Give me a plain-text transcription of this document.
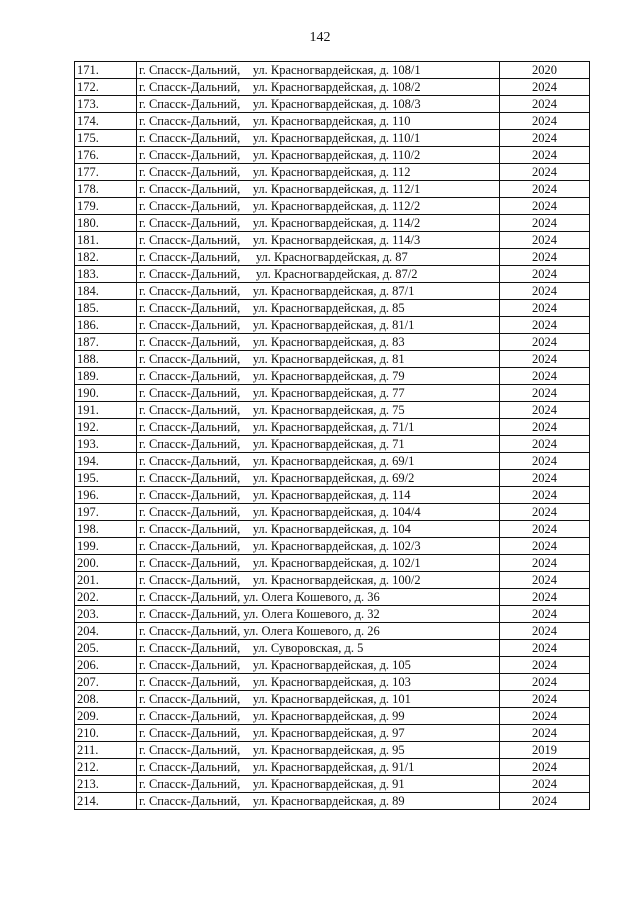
142
171.	г. Спасск-Дальний,    ул. Красногвардейская, д. 108/1	2020
172.	г. Спасск-Дальний,    ул. Красногвардейская, д. 108/2	2024
173.	г. Спасск-Дальний,    ул. Красногвардейская, д. 108/3	2024
174.	г. Спасск-Дальний,    ул. Красногвардейская, д. 110	2024
175.	г. Спасск-Дальний,    ул. Красногвардейская, д. 110/1	2024
176.	г. Спасск-Дальний,    ул. Красногвардейская, д. 110/2	2024
177.	г. Спасск-Дальний,    ул. Красногвардейская, д. 112	2024
178.	г. Спасск-Дальний,    ул. Красногвардейская, д. 112/1	2024
179.	г. Спасск-Дальний,    ул. Красногвардейская, д. 112/2	2024
180.	г. Спасск-Дальний,    ул. Красногвардейская, д. 114/2	2024
181.	г. Спасск-Дальний,    ул. Красногвардейская, д. 114/3	2024
182.	г. Спасск-Дальний,     ул. Красногвардейская, д. 87	2024
183.	г. Спасск-Дальний,     ул. Красногвардейская, д. 87/2	2024
184.	г. Спасск-Дальний,    ул. Красногвардейская, д. 87/1	2024
185.	г. Спасск-Дальний,    ул. Красногвардейская, д. 85	2024
186.	г. Спасск-Дальний,    ул. Красногвардейская, д. 81/1	2024
187.	г. Спасск-Дальний,    ул. Красногвардейская, д. 83	2024
188.	г. Спасск-Дальний,    ул. Красногвардейская, д. 81	2024
189.	г. Спасск-Дальний,    ул. Красногвардейская, д. 79	2024
190.	г. Спасск-Дальний,    ул. Красногвардейская, д. 77	2024
191.	г. Спасск-Дальний,    ул. Красногвардейская, д. 75	2024
192.	г. Спасск-Дальний,    ул. Красногвардейская, д. 71/1	2024
193.	г. Спасск-Дальний,    ул. Красногвардейская, д. 71	2024
194.	г. Спасск-Дальний,    ул. Красногвардейская, д. 69/1	2024
195.	г. Спасск-Дальний,    ул. Красногвардейская, д. 69/2	2024
196.	г. Спасск-Дальний,    ул. Красногвардейская, д. 114	2024
197.	г. Спасск-Дальний,    ул. Красногвардейская, д. 104/4	2024
198.	г. Спасск-Дальний,    ул. Красногвардейская, д. 104	2024
199.	г. Спасск-Дальний,    ул. Красногвардейская, д. 102/3	2024
200.	г. Спасск-Дальний,    ул. Красногвардейская, д. 102/1	2024
201.	г. Спасск-Дальний,    ул. Красногвардейская, д. 100/2	2024
202.	г. Спасск-Дальний, ул. Олега Кошевого, д. 36	2024
203.	г. Спасск-Дальний, ул. Олега Кошевого, д. 32	2024
204.	г. Спасск-Дальний, ул. Олега Кошевого, д. 26	2024
205.	г. Спасск-Дальний,    ул. Суворовская, д. 5	2024
206.	г. Спасск-Дальний,    ул. Красногвардейская, д. 105	2024
207.	г. Спасск-Дальний,    ул. Красногвардейская, д. 103	2024
208.	г. Спасск-Дальний,    ул. Красногвардейская, д. 101	2024
209.	г. Спасск-Дальний,    ул. Красногвардейская, д. 99	2024
210.	г. Спасск-Дальний,    ул. Красногвардейская, д. 97	2024
211.	г. Спасск-Дальний,    ул. Красногвардейская, д. 95	2019
212.	г. Спасск-Дальний,    ул. Красногвардейская, д. 91/1	2024
213.	г. Спасск-Дальний,    ул. Красногвардейская, д. 91	2024
214.	г. Спасск-Дальний,    ул. Красногвардейская, д. 89	2024
